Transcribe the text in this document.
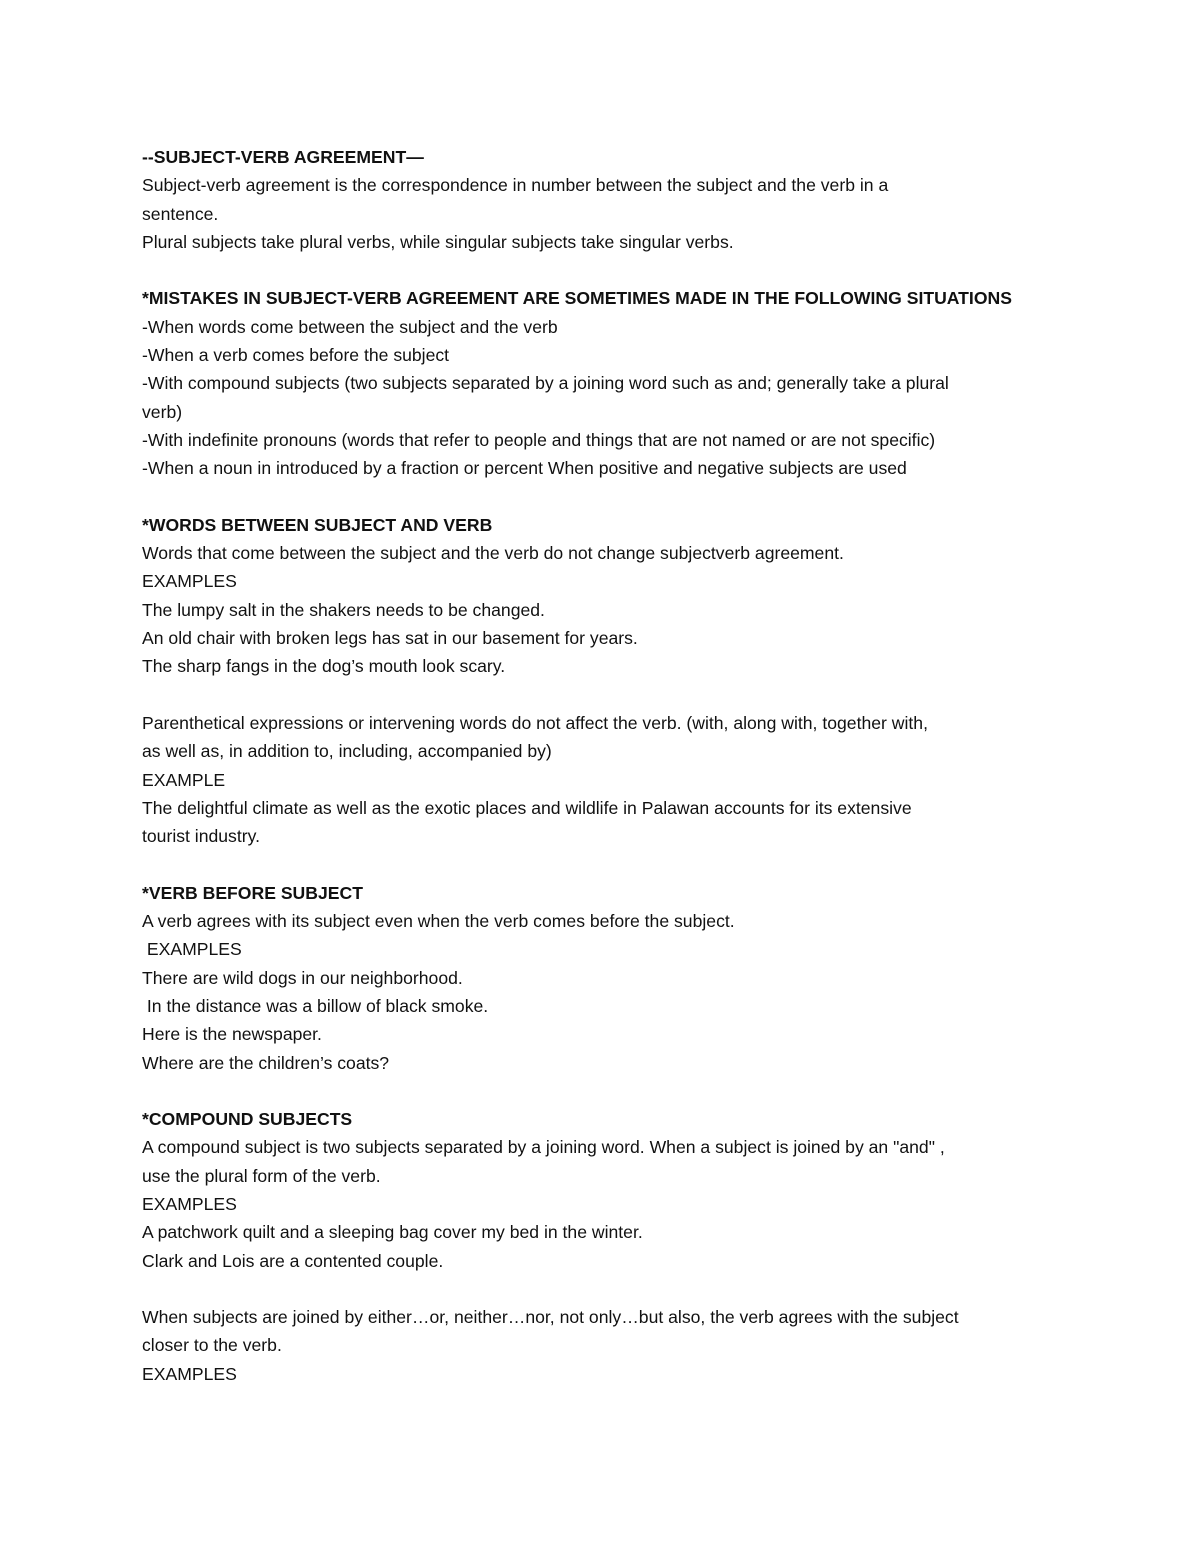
--SUBJECT-VERB AGREEMENT—
Subject-verb agreement is the correspondence in number between the subject and the verb in a
sentence.
Plural subjects take plural verbs, while singular subjects take singular verbs.
*MISTAKES IN SUBJECT-VERB AGREEMENT ARE SOMETIMES MADE IN THE FOLLOWING SITUATIONS
-When words come between the subject and the verb
-When a verb comes before the subject
-With compound subjects (two subjects separated by a joining word such as and; generally take a plural
verb)
-With indefinite pronouns (words that refer to people and things that are not named or are not specific)
-When a noun in introduced by a fraction or percent When positive and negative subjects are used
*WORDS BETWEEN SUBJECT AND VERB
Words that come between the subject and the verb do not change subjectverb agreement.
EXAMPLES
The lumpy salt in the shakers needs to be changed.
An old chair with broken legs has sat in our basement for years.
The sharp fangs in the dog’s mouth look scary.
Parenthetical expressions or intervening words do not affect the verb. (with, along with, together with,
as well as, in addition to, including, accompanied by)
EXAMPLE
The delightful climate as well as the exotic places and wildlife in Palawan accounts for its extensive
tourist industry.
*VERB BEFORE SUBJECT
A verb agrees with its subject even when the verb comes before the subject.
EXAMPLES
There are wild dogs in our neighborhood.
In the distance was a billow of black smoke.
Here is the newspaper.
Where are the children’s coats?
*COMPOUND SUBJECTS
A compound subject is two subjects separated by a joining word. When a subject is joined by an "and" ,
use the plural form of the verb.
EXAMPLES
A patchwork quilt and a sleeping bag cover my bed in the winter.
Clark and Lois are a contented couple.
When subjects are joined by either…or, neither…nor, not only…but also, the verb agrees with the subject
closer to the verb.
EXAMPLES
